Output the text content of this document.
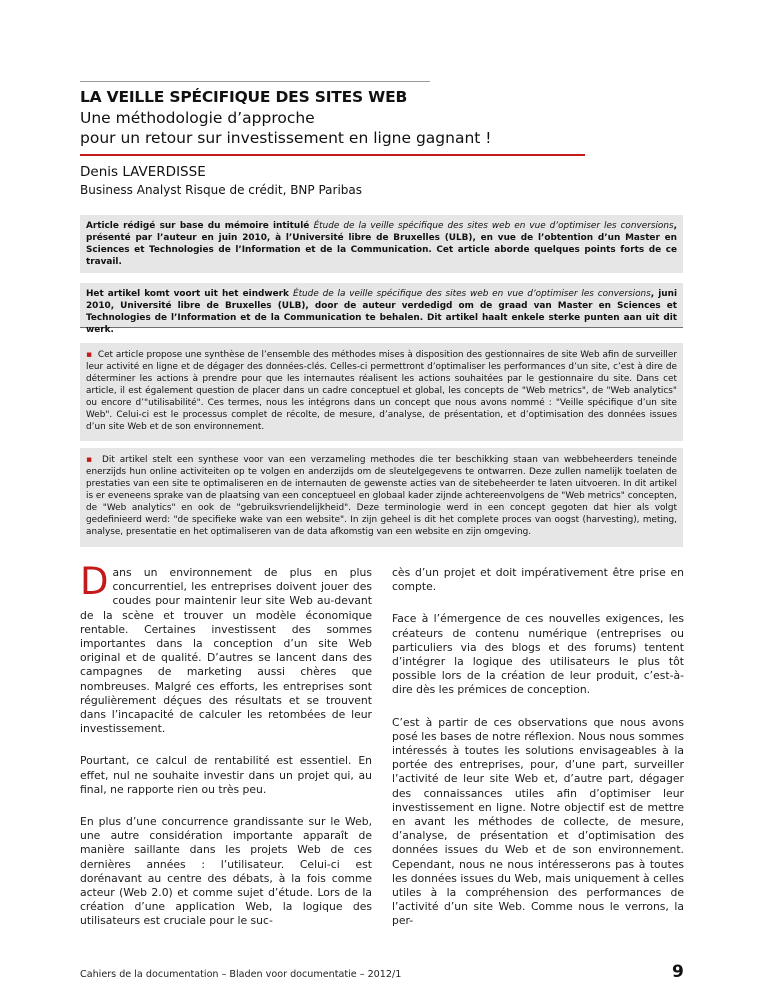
LA VEILLE SPÉCIFIQUE DES SITES WEB
Une méthodologie d’approche
pour un retour sur investissement en ligne gagnant !
Denis LAVERDISSE
Business Analyst Risque de crédit, BNP Paribas
Article rédigé sur base du mémoire intitulé Étude de la veille spécifique des sites web en vue d’optimiser les conversions, présenté par l’auteur en juin 2010, à l’Université libre de Bruxelles (ULB), en vue de l’obtention d’un Master en Sciences et Technologies de l’Information et de la Communication. Cet article aborde quelques points forts de ce travail.
Het artikel komt voort uit het eindwerk Étude de la veille spécifique des sites web en vue d’optimiser les conversions, juni 2010, Université libre de Bruxelles (ULB), door de auteur verdedigd om de graad van Master en Sciences et Technologies de l’Information et de la Communication te behalen. Dit artikel haalt enkele sterke punten aan uit dit werk.
▪ Cet article propose une synthèse de l’ensemble des méthodes mises à disposition des gestionnaires de site Web afin de surveiller leur activité en ligne et de dégager des données-clés. Celles-ci permettront d’optimaliser les performances d’un site, c’est à dire de déterminer les actions à prendre pour que les internautes réalisent les actions souhaitées par le gestionnaire du site. Dans cet article, il est également question de placer dans un cadre conceptuel et global, les concepts de "Web metrics", de "Web analytics" ou encore d’"utilisabilité". Ces termes, nous les intégrons dans un concept que nous avons nommé : "Veille spécifique d’un site Web". Celui-ci est le processus complet de récolte, de mesure, d’analyse, de présentation, et d’optimisation des données issues d’un site Web et de son environnement.
▪ Dit artikel stelt een synthese voor van een verzameling methodes die ter beschikking staan van webbeheerders teneinde enerzijds hun online activiteiten op te volgen en anderzijds om de sleutelgegevens te ontwarren. Deze zullen namelijk toelaten de prestaties van een site te optimaliseren en de internauten de gewenste acties van de sitebeheerder te laten uitvoeren. In dit artikel is er eveneens sprake van de plaatsing van een conceptueel en globaal kader zijnde achtereenvolgens de "Web metrics" concepten, de "Web analytics" en ook de "gebruiksvriendelijkheid". Deze terminologie werd in een concept gegoten dat hier als volgt gedefinieerd werd: "de specifieke wake van een website". In zijn geheel is dit het complete proces van oogst (harvesting), meting, analyse, presentatie en het optimaliseren van de data afkomstig van een website en zijn omgeving.

Dans un environnement de plus en plus concurrentiel, les entreprises doivent jouer des coudes pour maintenir leur site Web au-devant de la scène et trouver un modèle économique rentable. Certaines investissent des sommes importantes dans la conception d’un site Web original et de qualité. D’autres se lancent dans des campagnes de marketing aussi chères que nombreuses. Malgré ces efforts, les entreprises sont régulièrement déçues des résultats et se trouvent dans l’incapacité de calculer les retombées de leur investissement.

Pourtant, ce calcul de rentabilité est essentiel. En effet, nul ne souhaite investir dans un projet qui, au final, ne rapporte rien ou très peu.

En plus d’une concurrence grandissante sur le Web, une autre considération importante apparaît de manière saillante dans les projets Web de ces dernières années : l’utilisateur. Celui-ci est dorénavant au centre des débats, à la fois comme acteur (Web 2.0) et comme sujet d’étude. Lors de la création d’une application Web, la logique des utilisateurs est cruciale pour le suc-

cès d’un projet et doit impérativement être prise en compte.

Face à l’émergence de ces nouvelles exigences, les créateurs de contenu numérique (entreprises ou particuliers via des blogs et des forums) tentent d’intégrer la logique des utilisateurs le plus tôt possible lors de la création de leur produit, c’est-à-dire dès les prémices de conception.

C’est à partir de ces observations que nous avons posé les bases de notre réflexion. Nous nous sommes intéressés à toutes les solutions envisageables à la portée des entreprises, pour, d’une part, surveiller l’activité de leur site Web et, d’autre part, dégager des connaissances utiles afin d’optimiser leur investissement en ligne. Notre objectif est de mettre en avant les méthodes de collecte, de mesure, d’analyse, de présentation et d’optimisation des données issues du Web et de son environnement. Cependant, nous ne nous intéresserons pas à toutes les données issues du Web, mais uniquement à celles utiles à la compréhension des performances de l’activité d’un site Web. Comme nous le verrons, la per-

Cahiers de la documentation – Bladen voor documentatie – 2012/1	9
